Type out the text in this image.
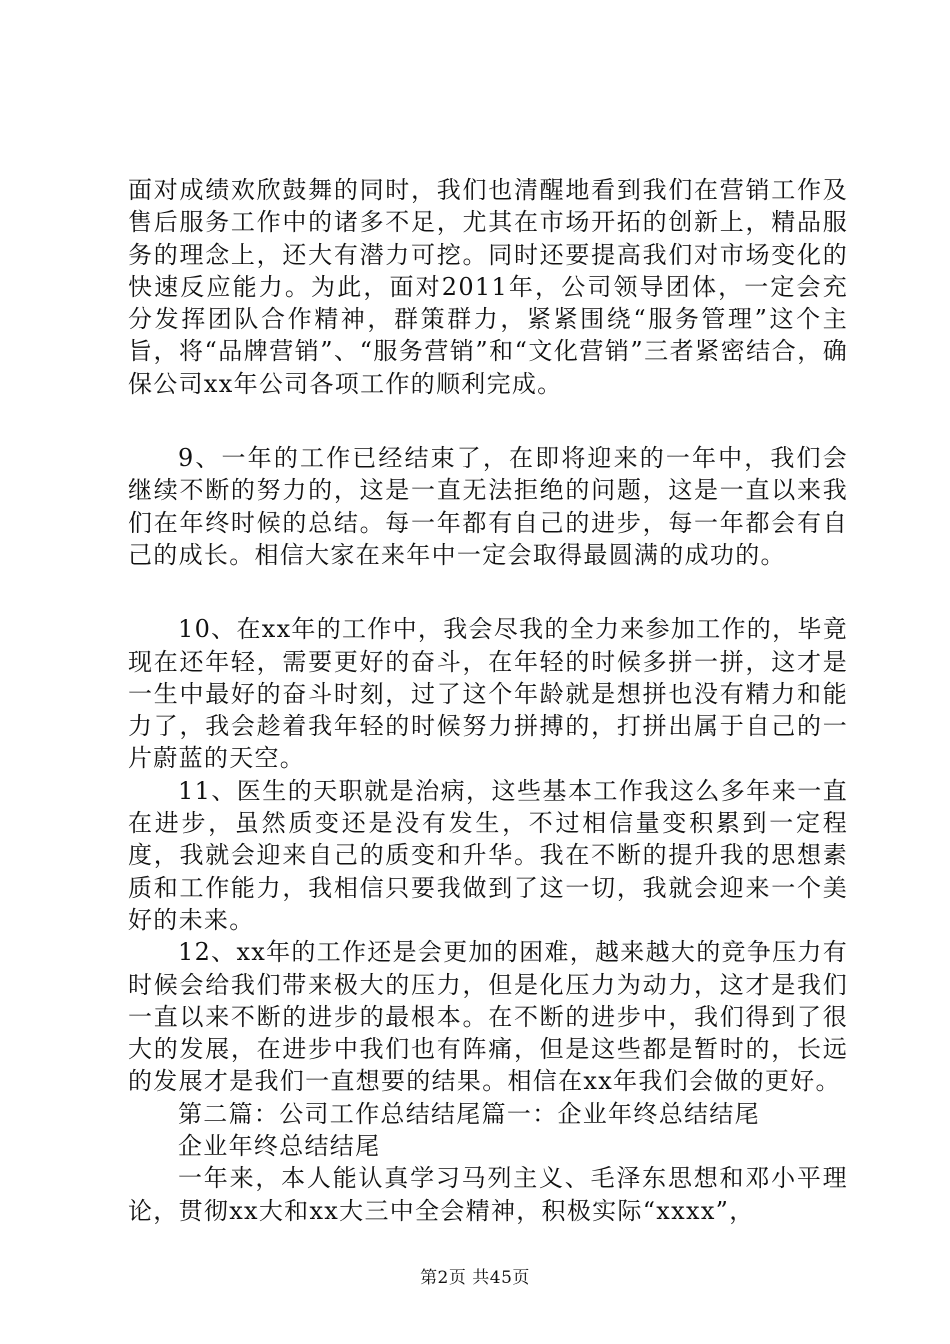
面对成绩欢欣鼓舞的同时，我们也清醒地看到我们在营销工作及售后服务工作中的诸多不足，尤其在市场开拓的创新上，精品服务的理念上，还大有潜力可挖。同时还要提高我们对市场变化的快速反应能力。为此，面对2011年，公司领导团体，一定会充分发挥团队合作精神，群策群力，紧紧围绕“服务管理”这个主旨，将“品牌营销”、“服务营销”和“文化营销”三者紧密结合，确保公司xx年公司各项工作的顺利完成。

9、一年的工作已经结束了，在即将迎来的一年中，我们会继续不断的努力的，这是一直无法拒绝的问题，这是一直以来我们在年终时候的总结。每一年都有自己的进步，每一年都会有自己的成长。相信大家在来年中一定会取得最圆满的成功的。

10、在xx年的工作中，我会尽我的全力来参加工作的，毕竟现在还年轻，需要更好的奋斗，在年轻的时候多拼一拼，这才是一生中最好的奋斗时刻，过了这个年龄就是想拼也没有精力和能力了，我会趁着我年轻的时候努力拼搏的，打拼出属于自己的一片蔚蓝的天空。

11、医生的天职就是治病，这些基本工作我这么多年来一直在进步，虽然质变还是没有发生，不过相信量变积累到一定程度，我就会迎来自己的质变和升华。我在不断的提升我的思想素质和工作能力，我相信只要我做到了这一切，我就会迎来一个美好的未来。

12、xx年的工作还是会更加的困难，越来越大的竞争压力有时候会给我们带来极大的压力，但是化压力为动力，这才是我们一直以来不断的进步的最根本。在不断的进步中，我们得到了很大的发展，在进步中我们也有阵痛，但是这些都是暂时的，长远的发展才是我们一直想要的结果。相信在xx年我们会做的更好。

第二篇：公司工作总结结尾篇一：企业年终总结结尾

企业年终总结结尾

一年来，本人能认真学习马列主义、毛泽东思想和邓小平理论，贯彻xx大和xx大三中全会精神，积极实际“xxxx”，

第2页 共45页
